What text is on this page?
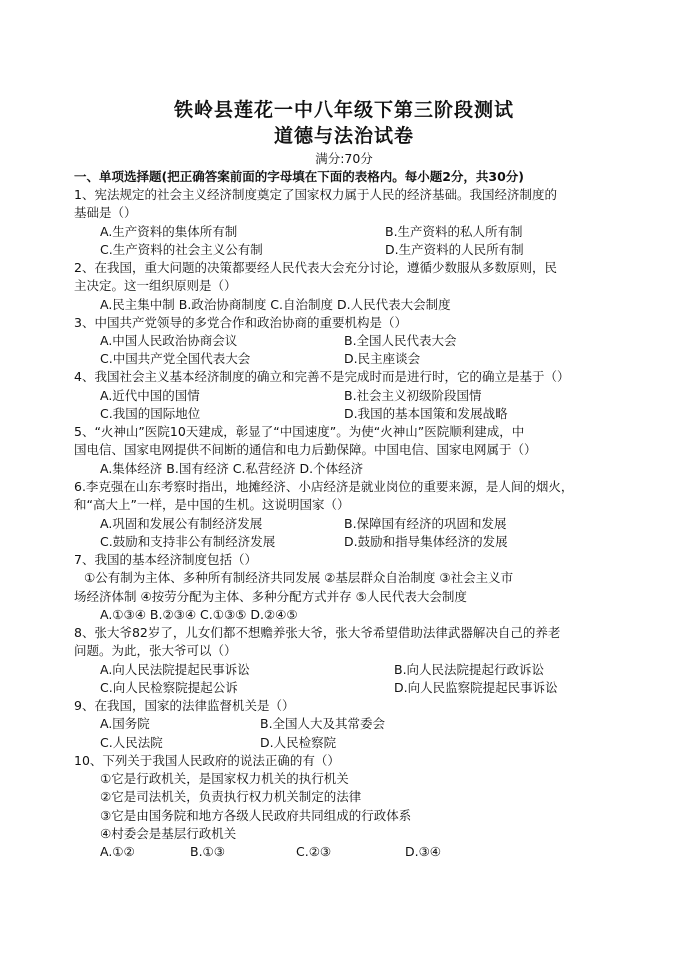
铁岭县莲花一中八年级下第三阶段测试
道德与法治试卷
满分:70分
一、单项选择题(把正确答案前面的字母填在下面的表格内。每小题2分，共30分)
1、宪法规定的社会主义经济制度奠定了国家权力属于人民的经济基础。我国经济制度的
基础是（）
A.生产资料的集体所有制	B.生产资料的私人所有制
C.生产资料的社会主义公有制	D.生产资料的人民所有制
2、在我国，重大问题的决策都要经人民代表大会充分讨论，遵循少数服从多数原则，民
主决定。这一组织原则是（）
A.民主集中制 B.政治协商制度 C.自治制度 D.人民代表大会制度
3、中国共产党领导的多党合作和政治协商的重要机构是（）
A.中国人民政治协商会议	B.全国人民代表大会
C.中国共产党全国代表大会	D.民主座谈会
4、我国社会主义基本经济制度的确立和完善不是完成时而是进行时，它的确立是基于（）
A.近代中国的国情	B.社会主义初级阶段国情
C.我国的国际地位	D.我国的基本国策和发展战略
5、“火神山”医院10天建成，彰显了“中国速度”。为使“火神山”医院顺利建成，中
国电信、国家电网提供不间断的通信和电力后勤保障。中国电信、国家电网属于（）
A.集体经济 B.国有经济 C.私营经济 D.个体经济
6.李克强在山东考察时指出，地摊经济、小店经济是就业岗位的重要来源，是人间的烟火，
和“高大上”一样，是中国的生机。这说明国家（）
A.巩固和发展公有制经济发展	B.保障国有经济的巩固和发展
C.鼓励和支持非公有制经济发展	D.鼓励和指导集体经济的发展
7、我国的基本经济制度包括（）
①公有制为主体、多种所有制经济共同发展 ②基层群众自治制度 ③社会主义市
场经济体制 ④按劳分配为主体、多种分配方式并存 ⑤人民代表大会制度
A.①③④ B.②③④ C.①③⑤ D.②④⑤
8、张大爷82岁了，儿女们都不想赡养张大爷，张大爷希望借助法律武器解决自己的养老
问题。为此，张大爷可以（）
A.向人民法院提起民事诉讼	B.向人民法院提起行政诉讼
C.向人民检察院提起公诉	D.向人民监察院提起民事诉讼
9、在我国，国家的法律监督机关是（）
A.国务院	B.全国人大及其常委会
C.人民法院	D.人民检察院
10、下列关于我国人民政府的说法正确的有（）
①它是行政机关，是国家权力机关的执行机关
②它是司法机关，负责执行权力机关制定的法律
③它是由国务院和地方各级人民政府共同组成的行政体系
④村委会是基层行政机关
A.①②	B.①③	C.②③	D.③④
